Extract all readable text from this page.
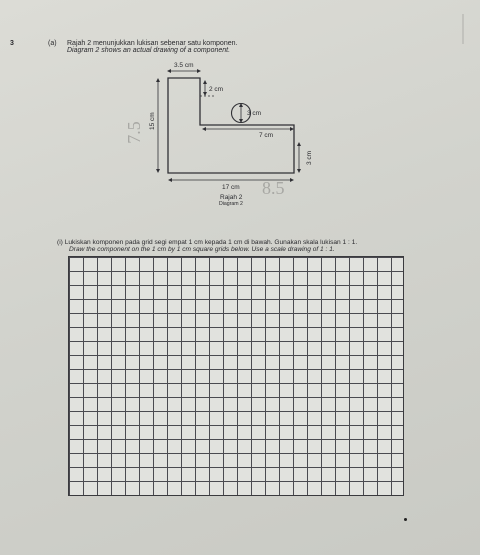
3	(a) Rajah 2 menunjukkan lukisan sebenar satu komponen.
Diagram 2 shows an actual drawing of a component.
3.5 cm
2 cm
3 cm
15 cm
7 cm
3 cm
17 cm
Rajah 2
Diagram 2
7.5
8.5
(i) Lukiskan komponen pada grid segi empat 1 cm kepada 1 cm di bawah. Gunakan skala lukisan 1 : 1.
Draw the component on the 1 cm by 1 cm square grids below. Use a scale drawing of 1 : 1.
